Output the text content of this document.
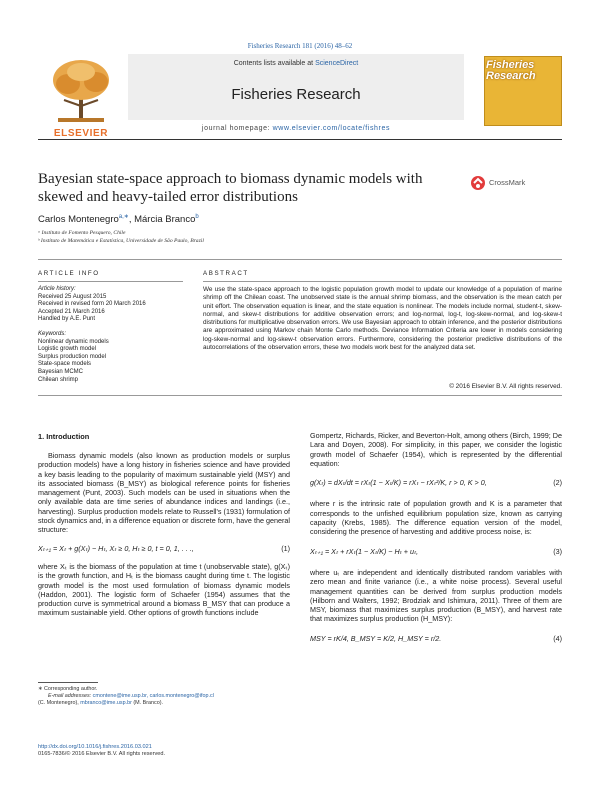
Fisheries Research 181 (2016) 48–62
ELSEVIER
Contents lists available at ScienceDirect
Fisheries Research
journal homepage: www.elsevier.com/locate/fishres
Fisheries
Research
Bayesian state-space approach to biomass dynamic models with skewed and heavy-tailed error distributions
CrossMark
Carlos Montenegro$^{a,∗}$, Márcia Branco$^b$
ᵃ Instituto de Fomento Pesquero, Chile
ᵇ Instituto de Matemática e Estatística, Universidade de São Paulo, Brazil
ARTICLE INFO
Article history:
Received 25 August 2015
Received in revised form 20 March 2016
Accepted 21 March 2016
Handled by A.E. Punt
Keywords:
Nonlinear dynamic models
Logistic growth model
Surplus production model
State-space models
Bayesian MCMC
Chilean shrimp
ABSTRACT
We use the state-space approach to the logistic population growth model to update our knowledge of a population of marine shrimp off the Chilean coast. The unobserved state is the annual shrimp biomass, and the observation is the mean catch per unit effort. The observation equation is linear, and the state equation is nonlinear. The models include normal, student-t, skew-normal, and skew-t distributions for additive observation errors; and log-normal, log-t, log-skew-normal, and log-skew-t distributions for multiplicative observation errors. We use Bayesian approach to obtain inference, and the posterior distributions are approximated using Markov chain Monte Carlo methods. Deviance Information Criteria are lower in models considering log-skew-normal and log-skew-t observation errors. Furthermore, considering the posterior predictive distributions of the autocorrelations of the observation errors, these two models work best for the analyzed data set.
© 2016 Elsevier B.V. All rights reserved.
1. Introduction

Biomass dynamic models (also known as production models or surplus production models) have a long history in fisheries science and have provided a key basis leading to the popularity of maximum sustainable yield (MSY) and its associated biomass (B_MSY) as biological reference points for fisheries management (Punt, 2003). Such models can be used in situations when the only available data are time series of abundance indices and landings (i.e., harvesting). Surplus production models relate to Russell's (1931) formulation of stock dynamics and, in a difference equation or discrete form, have the general structure:

Xₜ₊₁ = Xₜ + g(Xₜ) − Hₜ, Xₜ ≥ 0, Hₜ ≥ 0, t = 0, 1, . . .,	(1)

where Xₜ is the biomass of the population at time t (unobservable state), g(Xₜ) is the growth function, and Hₜ is the biomass caught during time t. The logistic growth model is the most used formulation of biomass dynamic models (Haddon, 2001). The logistic form of Schaefer (1954) assumes that the production curve is symmetrical around a biomass B_MSY that can produce a maximum sustainable yield. Other options of growth functions include

Gompertz, Richards, Ricker, and Beverton-Holt, among others (Birch, 1999; De Lara and Doyen, 2008). For simplicity, in this paper, we consider the logistic growth model of Schaefer (1954), which is represented by the differential equation:

g(Xₜ) = dXₜ/dt = rXₜ(1 − Xₜ/K) = rXₜ − rXₜ²/K, r > 0, K > 0,	(2)

where r is the intrinsic rate of population growth and K is a parameter that corresponds to the unfished equilibrium population size, known as carrying capacity (Krebs, 1985). The difference equation version of the model, considering the presence of harvesting and additive process noise, is:

Xₜ₊₁ = Xₜ + rXₜ(1 − Xₜ/K) − Hₜ + uₜ,	(3)

where uₜ are independent and identically distributed random variables with zero mean and finite variance (i.e., a white noise process). Several useful management quantities can be derived from surplus production models (Hilborn and Walters, 1992; Brodziak and Ishimura, 2011). Three of them are MSY, biomass that maximizes surplus production (B_MSY), and harvest rate that maximizes surplus production (H_MSY):

MSY = rK/4, B_MSY = K/2, H_MSY = r/2.	(4)
∗ Corresponding author.
E-mail addresses: cmontene@ime.usp.br, carlos.montenegro@ifop.cl
(C. Montenegro), mbranco@ime.usp.br (M. Branco).
http://dx.doi.org/10.1016/j.fishres.2016.03.021
0165-7836/© 2016 Elsevier B.V. All rights reserved.
